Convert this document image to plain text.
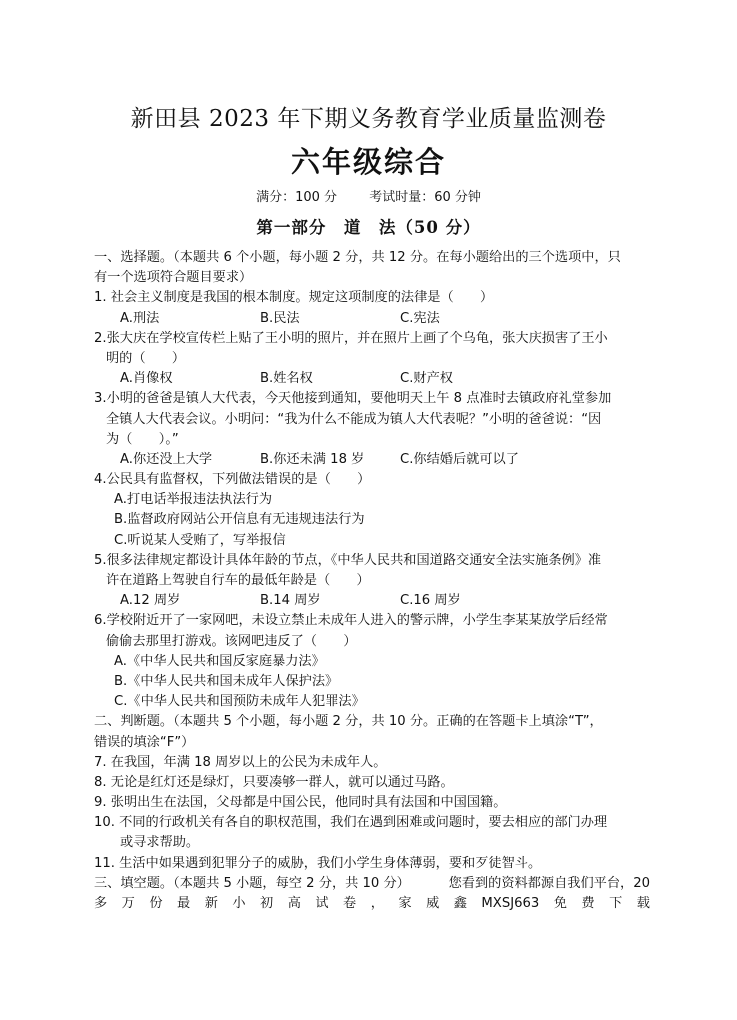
新田县 2023 年下期义务教育学业质量监测卷
六年级综合
满分：100 分 考试时量：60 分钟
第一部分　道　法（50 分）
一、选择题。（本题共 6 个小题，每小题 2 分，共 12 分。在每小题给出的三个选项中，只
有一个选项符合题目要求）
1. 社会主义制度是我国的根本制度。规定这项制度的法律是（　　）
A.刑法	B.民法	C.宪法
2.张大庆在学校宣传栏上贴了王小明的照片，并在照片上画了个乌龟，张大庆损害了王小
明的（　　）
A.肖像权	B.姓名权	C.财产权
3.小明的爸爸是镇人大代表，今天他接到通知，要他明天上午 8 点准时去镇政府礼堂参加
全镇人大代表会议。小明问：“我为什么不能成为镇人大代表呢？”小明的爸爸说：“因
为（　　）。”
A.你还没上大学	B.你还未满 18 岁	C.你结婚后就可以了
4.公民具有监督权，下列做法错误的是（　　）
A.打电话举报违法执法行为
B.监督政府网站公开信息有无违规违法行为
C.听说某人受贿了，写举报信
5.很多法律规定都设计具体年龄的节点，《中华人民共和国道路交通安全法实施条例》准
许在道路上驾驶自行车的最低年龄是（　　）
A.12 周岁	B.14 周岁	C.16 周岁
6.学校附近开了一家网吧，未设立禁止未成年人进入的警示牌，小学生李某某放学后经常
偷偷去那里打游戏。该网吧违反了（　　）
A.《中华人民共和国反家庭暴力法》
B.《中华人民共和国未成年人保护法》
C.《中华人民共和国预防未成年人犯罪法》
二、判断题。（本题共 5 个小题，每小题 2 分，共 10 分。正确的在答题卡上填涂“T”，
错误的填涂“F”）
7. 在我国，年满 18 周岁以上的公民为未成年人。
8. 无论是红灯还是绿灯，只要凑够一群人，就可以通过马路。
9. 张明出生在法国，父母都是中国公民，他同时具有法国和中国国籍。
10. 不同的行政机关有各自的职权范围，我们在遇到困难或问题时，要去相应的部门办理
或寻求帮助。
11. 生活中如果遇到犯罪分子的威胁，我们小学生身体薄弱，要和歹徒智斗。
三、填空题。（本题共 5 小题，每空 2 分，共 10 分）	您看到的资料都源自我们平台，20
多 万 份 最 新 小 初 高 试 卷 ， 家 威 鑫 MXSJ663 免 费 下 载
